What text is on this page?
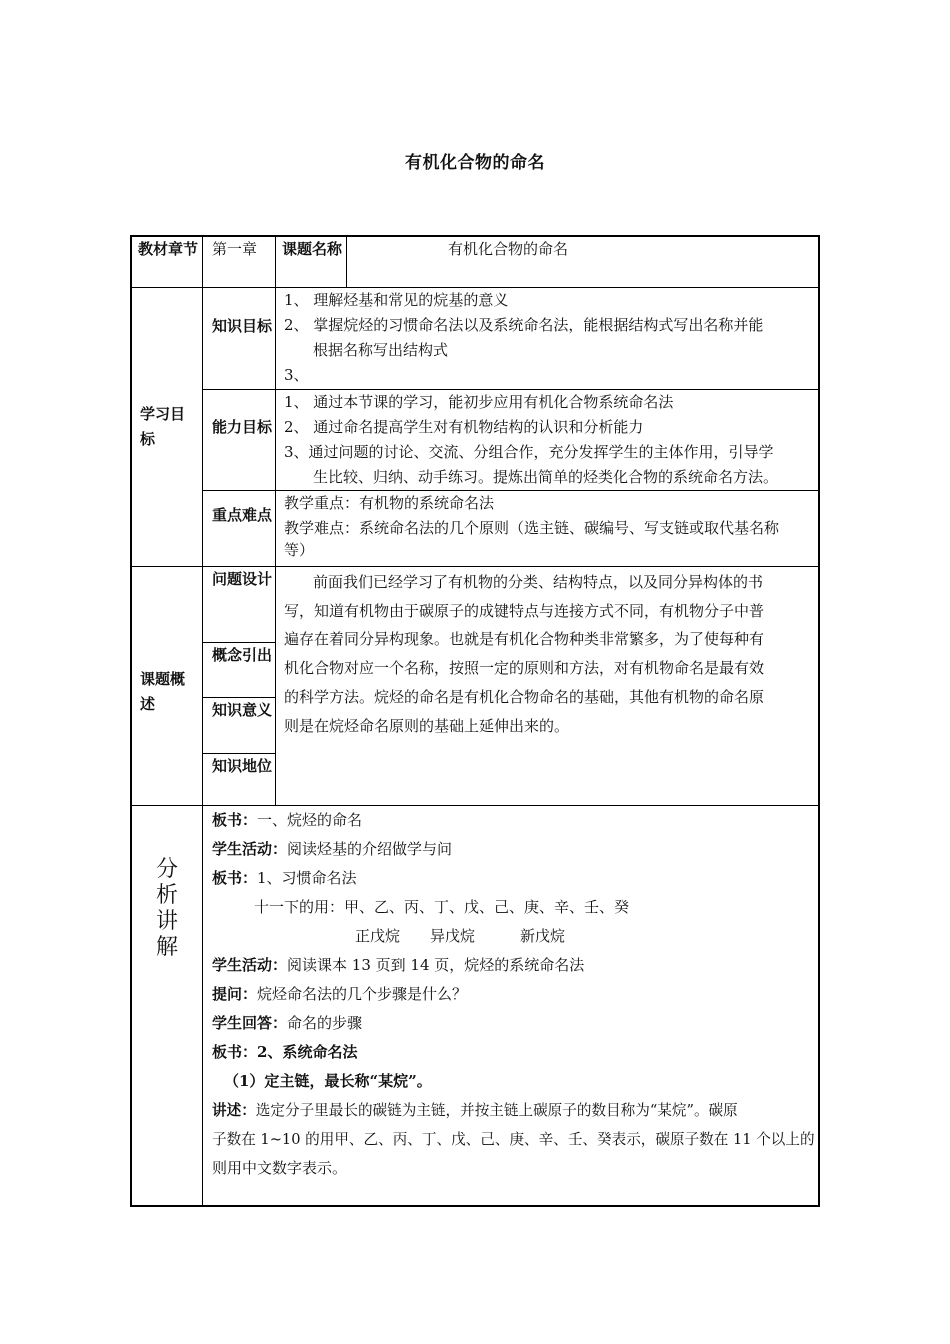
有机化合物的命名
教材章节 第一章	课题名称	有机化合物的命名
学习目标
知识目标

1、 理解烃基和常见的烷基的意义

2、 掌握烷烃的习惯命名法以及系统命名法，能根据结构式写出名称并能

根据名称写出结构式

3、

能力目标

1、 通过本节课的学习，能初步应用有机化合物系统命名法

2、 通过命名提高学生对有机物结构的认识和分析能力

3、通过问题的讨论、交流、分组合作，充分发挥学生的主体作用，引导学

生比较、归纳、动手练习。提炼出简单的烃类化合物的系统命名方法。

重点难点

教学重点：有机物的系统命名法

教学难点：系统命名法的几个原则（选主链、碳编号、写支链或取代基名称

等）

课题概述
问题设计
概念引出
知识意义
知识地位

前面我们已经学习了有机物的分类、结构特点，以及同分异构体的书

写，知道有机物由于碳原子的成键特点与连接方式不同，有机物分子中普

遍存在着同分异构现象。也就是有机化合物种类非常繁多，为了使每种有

机化合物对应一个名称，按照一定的原则和方法，对有机物命名是最有效

的科学方法。烷烃的命名是有机化合物命名的基础，其他有机物的命名原

则是在烷烃命名原则的基础上延伸出来的。

分析讲解

板书：一、烷烃的命名

学生活动：阅读烃基的介绍做学与问

板书：1、习惯命名法

十一下的用：甲、乙、丙、丁、戊、己、庚、辛、壬、癸

正戊烷　　异戊烷　　　新戊烷

学生活动：阅读课本 13 页到 14 页，烷烃的系统命名法

提问：烷烃命名法的几个步骤是什么？

学生回答：命名的步骤

板书：2、系统命名法

（1）定主链，最长称“某烷”。

讲述：选定分子里最长的碳链为主链，并按主链上碳原子的数目称为“某烷”。碳原

子数在 1~10 的用甲、乙、丙、丁、戊、己、庚、辛、壬、癸表示，碳原子数在 11 个以上的

则用中文数字表示。
